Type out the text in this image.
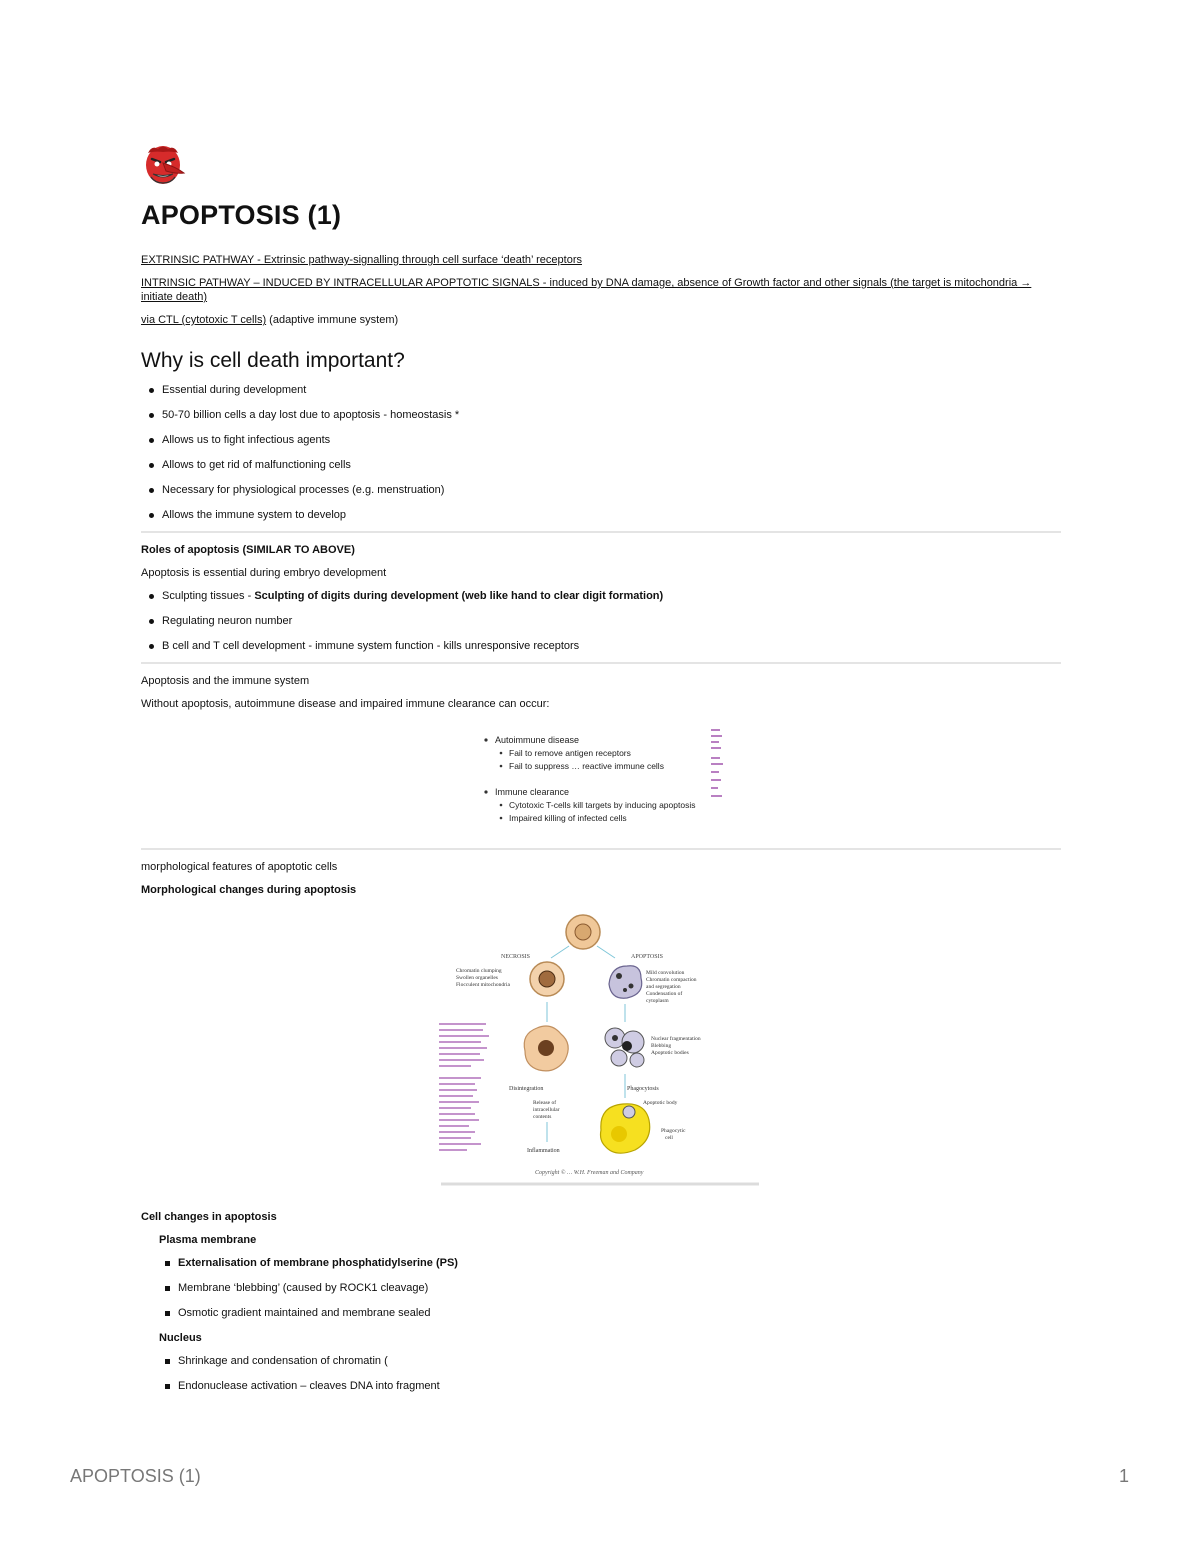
APOPTOSIS (1)

EXTRINSIC PATHWAY - Extrinsic pathway-signalling through cell surface ‘death’ receptors

INTRINSIC PATHWAY – INDUCED BY INTRACELLULAR APOPTOTIC SIGNALS - induced by DNA damage, absence of Growth factor and other signals (the target is mitochondria → initiate death)

via CTL (cytotoxic T cells) (adaptive immune system)

Why is cell death important?
Essential during development
50-70 billion cells a day lost due to apoptosis - homeostasis *
Allows us to fight infectious agents
Allows to get rid of malfunctioning cells
Necessary for physiological processes (e.g. menstruation)
Allows the immune system to develop

Roles of apoptosis (SIMILAR TO ABOVE)

Apoptosis is essential during embryo development

Sculpting tissues - Sculpting of digits during development (web like hand to clear digit formation)
Regulating neuron number
B cell and T cell development - immune system function - kills unresponsive receptors

Apoptosis and the immune system

Without apoptosis, autoimmune disease and impaired immune clearance can occur:

Autoimmune disease
Fail to remove antigen receptors
Fail to suppress … reactive immune cells
Immune clearance
Cytotoxic T-cells kill targets by inducing apoptosis
Impaired killing of infected cells

morphological features of apoptotic cells

Morphological changes during apoptosis

NECROSIS	APOPTOSIS
Chromatin clumping
Swollen organelles
Flocculent mitochondria
Mild convolution
Chromatin compaction
and segregation
Condensation of
cytoplasm
Disintegration
Release of
intracellular
contents
Inflammation
Nuclear fragmentation
Blebbing
Apoptotic bodies
Phagocytosis
Apoptotic body
Phagocytic
cell
Copyright © … W.H. Freeman and Company

Cell changes in apoptosis

Plasma membrane

Externalisation of membrane phosphatidylserine (PS)
Membrane ‘blebbing’ (caused by ROCK1 cleavage)
Osmotic gradient maintained and membrane sealed

Nucleus

Shrinkage and condensation of chromatin (
Endonuclease activation – cleaves DNA into fragment
APOPTOSIS (1)	1
